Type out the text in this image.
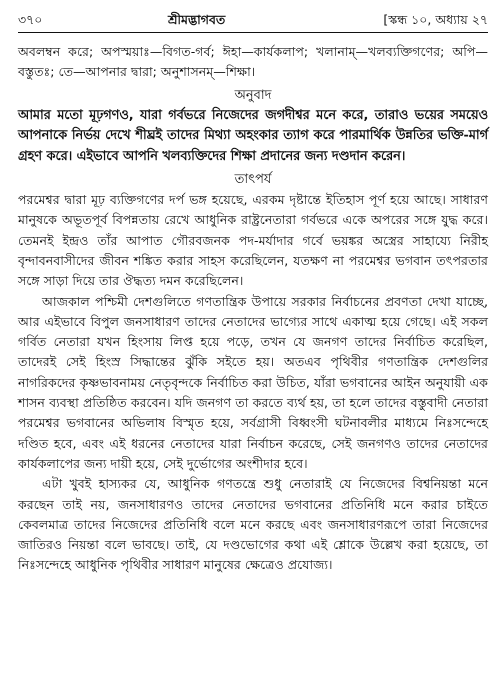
৩৭০	শ্রীমদ্ভাগবত	[স্কন্ধ ১০, অধ্যায় ২৭

অবলম্বন করে; অপস্ময়াঃ—বিগত-গর্ব; ঈহা—কার্যকলাপ; খলানাম্—খলব্যক্তিগণের; অপি—বস্তুতঃ; তে—আপনার দ্বারা; অনুশাসনম্—শিক্ষা।

অনুবাদ

আমার মতো মূঢ়গণও, যারা গর্বভরে নিজেদের জগদীশ্বর মনে করে, তারাও ভয়ের সময়েও আপনাকে নির্ভয় দেখে শীঘ্রই তাদের মিথ্যা অহংকার ত্যাগ করে পারমার্থিক উন্নতির ভক্তি-মার্গ গ্রহণ করে। এইভাবে আপনি খলব্যক্তিদের শিক্ষা প্রদানের জন্য দণ্ডদান করেন।

তাৎপর্য

পরমেশ্বর দ্বারা মূঢ় ব্যক্তিগণের দর্প ভঙ্গ হয়েছে, এরকম দৃষ্টান্তে ইতিহাস পূর্ণ হয়ে আছে। সাধারণ মানুষকে অভূতপূর্ব বিপন্নতায় রেখে আধুনিক রাষ্ট্রনেতারা গর্বভরে একে অপরের সঙ্গে যুদ্ধ করে। তেমনই ইন্দ্রও তাঁর আপাত গৌরবজনক পদ-মর্যাদার গর্বে ভয়ঙ্কর অস্ত্রের সাহায্যে নিরীহ বৃন্দাবনবাসীদের জীবন শঙ্কিত করার সাহস করেছিলেন, যতক্ষণ না পরমেশ্বর ভগবান তৎপরতার সঙ্গে সাড়া দিয়ে তার ঔদ্ধত্য দমন করেছিলেন।

আজকাল পশ্চিমী দেশগুলিতে গণতান্ত্রিক উপায়ে সরকার নির্বাচনের প্রবণতা দেখা যাচ্ছে, আর এইভাবে বিপুল জনসাধারণ তাদের নেতাদের ভাগ্যের সাথে একাত্ম হয়ে গেছে। এই সকল গর্বিত নেতারা যখন হিংসায় লিপ্ত হয়ে পড়ে, তখন যে জনগণ তাদের নির্বাচিত করেছিল, তাদেরই সেই হিংস্র সিদ্ধান্তের ঝুঁকি সইতে হয়। অতএব পৃথিবীর গণতান্ত্রিক দেশগুলির নাগরিকদের কৃষ্ণভাবনাময় নেতৃবৃন্দকে নির্বাচিত করা উচিত, যাঁরা ভগবানের আইন অনুযায়ী এক শাসন ব্যবস্থা প্রতিষ্ঠিত করবেন। যদি জনগণ তা করতে ব্যর্থ হয়, তা হলে তাদের বস্তুবাদী নেতারা পরমেশ্বর ভগবানের অভিলাষ বিস্মৃত হয়ে, সর্বগ্রাসী বিধ্বংসী ঘটনাবলীর মাধ্যমে নিঃসন্দেহে দণ্ডিত হবে, এবং এই ধরনের নেতাদের যারা নির্বাচন করেছে, সেই জনগণও তাদের নেতাদের কার্যকলাপের জন্য দায়ী হয়ে, সেই দুর্ভোগের অংশীদার হবে।

এটা খুবই হাস্যকর যে, আধুনিক গণতন্ত্রে শুধু নেতারাই যে নিজেদের বিশ্বনিয়ন্তা মনে করছেন তাই নয়, জনসাধারণও তাদের নেতাদের ভগবানের প্রতিনিধি মনে করার চাইতে কেবলমাত্র তাদের নিজেদের প্রতিনিধি বলে মনে করছে এবং জনসাধারণরূপে তারা নিজেদের জাতিরও নিয়ন্তা বলে ভাবছে। তাই, যে দণ্ডভোগের কথা এই শ্লোকে উল্লেখ করা হয়েছে, তা নিঃসন্দেহে আধুনিক পৃথিবীর সাধারণ মানুষের ক্ষেত্রেও প্রযোজ্য।
